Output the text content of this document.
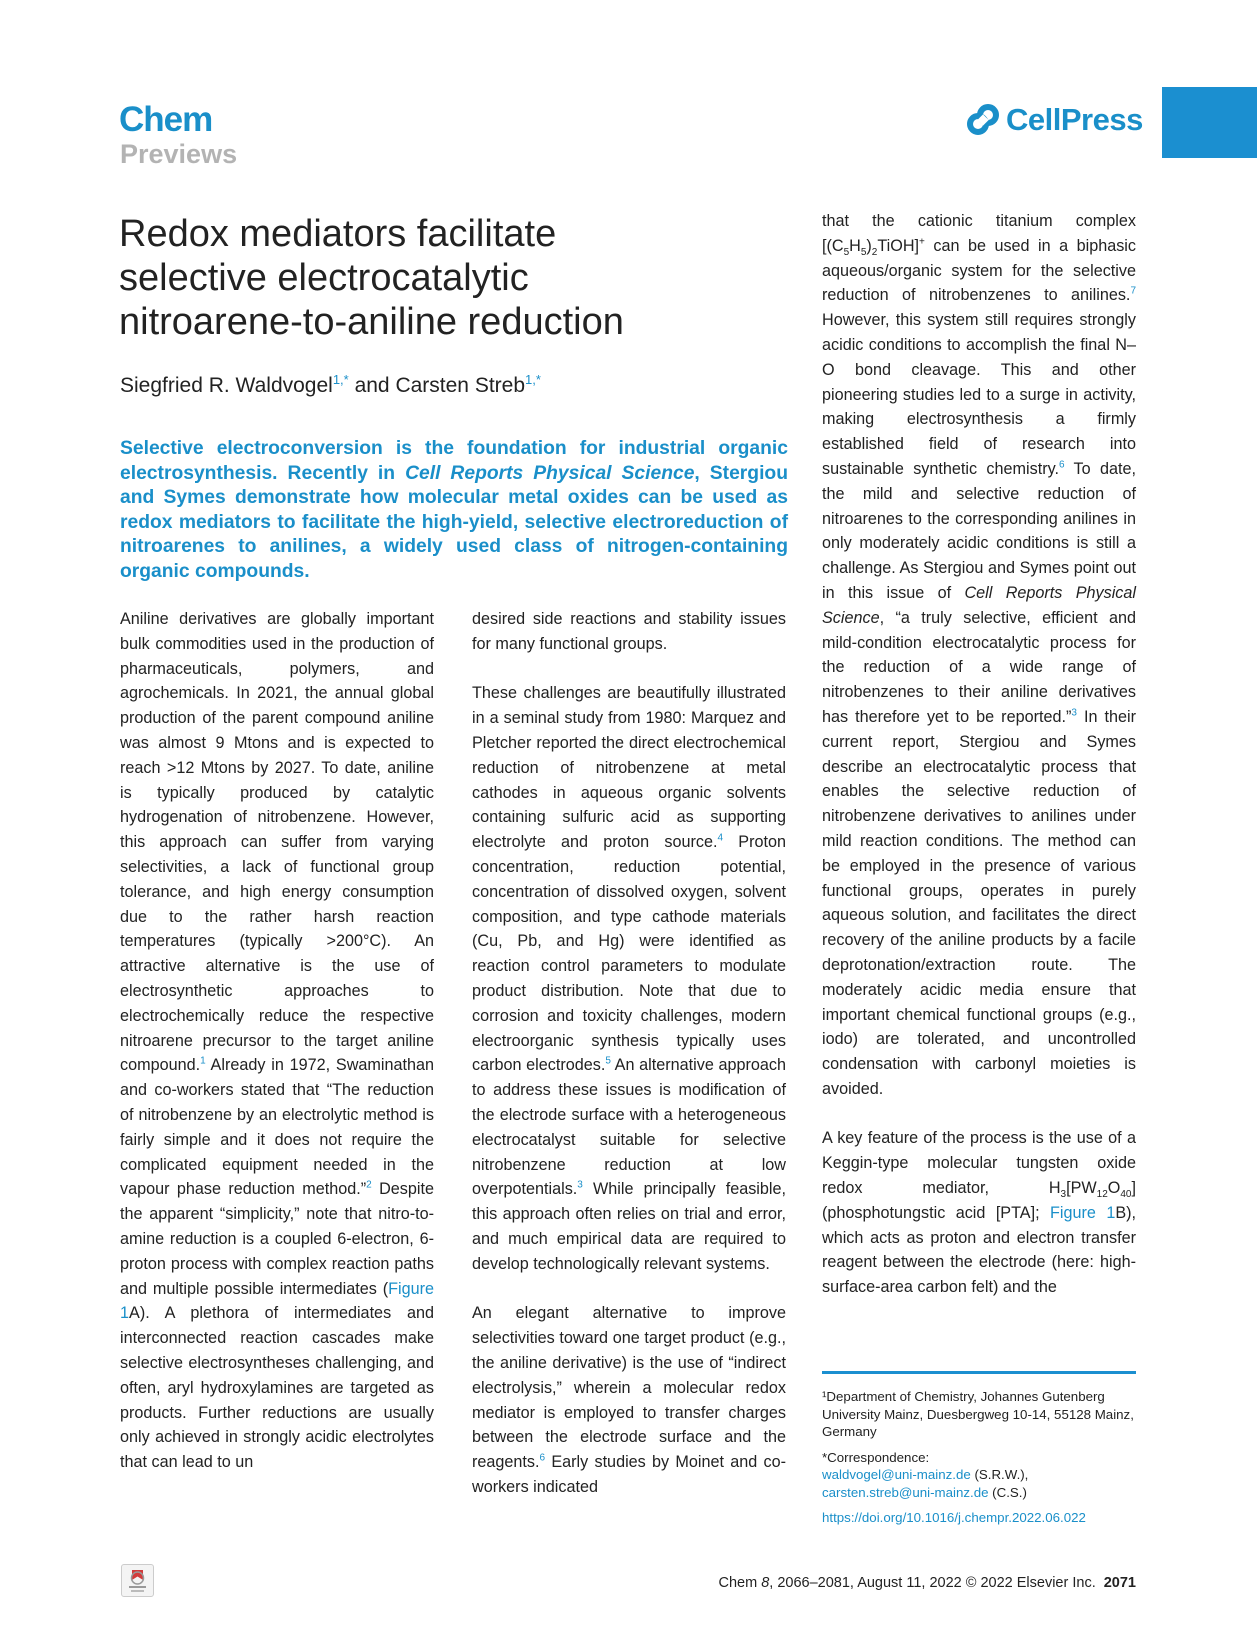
Chem
Previews
CellPress
Redox mediators facilitate selective electrocatalytic nitroarene-to-aniline reduction
Siegfried R. Waldvogel$^{1,*}$ and Carsten Streb$^{1,*}$

Selective electroconversion is the foundation for industrial organic electrosynthesis. Recently in Cell Reports Physical Science, Stergiou and Symes demonstrate how molecular metal oxides can be used as redox mediators to facilitate the high-yield, selective electroreduction of nitroarenes to anilines, a widely used class of nitrogen-containing organic compounds.

Aniline derivatives are globally important bulk commodities used in the production of pharmaceuticals, polymers, and agrochemicals. In 2021, the annual global production of the parent compound aniline was almost 9 Mtons and is expected to reach >12 Mtons by 2027. To date, aniline is typically produced by catalytic hydrogenation of nitrobenzene. However, this approach can suffer from varying selectivities, a lack of functional group tolerance, and high energy consumption due to the rather harsh reaction temperatures (typically >200°C). An attractive alternative is the use of electrosynthetic approaches to electrochemically reduce the respective nitroarene precursor to the target aniline compound.$^1$ Already in 1972, Swaminathan and co-workers stated that “The reduction of nitrobenzene by an electrolytic method is fairly simple and it does not require the complicated equipment needed in the vapour phase reduction method.”$^2$ Despite the apparent “simplicity,” note that nitro-to-amine reduction is a coupled 6-electron, 6-proton process with complex reaction paths and multiple possible intermediates (Figure 1A). A plethora of intermediates and interconnected reaction cascades make selective electrosyntheses challenging, and often, aryl hydroxylamines are targeted as products. Further reductions are usually only achieved in strongly acidic electrolytes that can lead to un

desired side reactions and stability issues for many functional groups.

These challenges are beautifully illustrated in a seminal study from 1980: Marquez and Pletcher reported the direct electrochemical reduction of nitrobenzene at metal cathodes in aqueous organic solvents containing sulfuric acid as supporting electrolyte and proton source.$^4$ Proton concentration, reduction potential, concentration of dissolved oxygen, solvent composition, and type cathode materials (Cu, Pb, and Hg) were identified as reaction control parameters to modulate product distribution. Note that due to corrosion and toxicity challenges, modern electroorganic synthesis typically uses carbon electrodes.$^5$ An alternative approach to address these issues is modification of the electrode surface with a heterogeneous electrocatalyst suitable for selective nitrobenzene reduction at low overpotentials.$^3$ While principally feasible, this approach often relies on trial and error, and much empirical data are required to develop technologically relevant systems.

An elegant alternative to improve selectivities toward one target product (e.g., the aniline derivative) is the use of “indirect electrolysis,” wherein a molecular redox mediator is employed to transfer charges between the electrode surface and the reagents.$^6$ Early studies by Moinet and co-workers indicated

that the cationic titanium complex $[(C_5H_5)_2TiOH]^+$ can be used in a biphasic aqueous/organic system for the selective reduction of nitrobenzenes to anilines.$^7$ However, this system still requires strongly acidic conditions to accomplish the final N–O bond cleavage. This and other pioneering studies led to a surge in activity, making electrosynthesis a firmly established field of research into sustainable synthetic chemistry.$^6$ To date, the mild and selective reduction of nitroarenes to the corresponding anilines in only moderately acidic conditions is still a challenge. As Stergiou and Symes point out in this issue of Cell Reports Physical Science, “a truly selective, efficient and mild-condition electrocatalytic process for the reduction of a wide range of nitrobenzenes to their aniline derivatives has therefore yet to be reported.”$^3$ In their current report, Stergiou and Symes describe an electrocatalytic process that enables the selective reduction of nitrobenzene derivatives to anilines under mild reaction conditions. The method can be employed in the presence of various functional groups, operates in purely aqueous solution, and facilitates the direct recovery of the aniline products by a facile deprotonation/extraction route. The moderately acidic media ensure that important chemical functional groups (e.g., iodo) are tolerated, and uncontrolled condensation with carbonyl moieties is avoided.

A key feature of the process is the use of a Keggin-type molecular tungsten oxide redox mediator, $H_3[PW_{12}O_{40}]$ (phosphotungstic acid [PTA]; Figure 1B), which acts as proton and electron transfer reagent between the electrode (here: high-surface-area carbon felt) and the

¹Department of Chemistry, Johannes Gutenberg University Mainz, Duesbergweg 10-14, 55128 Mainz, Germany

*Correspondence:
waldvogel@uni-mainz.de (S.R.W.),
carsten.streb@uni-mainz.de (C.S.)

https://doi.org/10.1016/j.chempr.2022.06.022

Chem 8, 2066–2081, August 11, 2022 © 2022 Elsevier Inc. 2071
